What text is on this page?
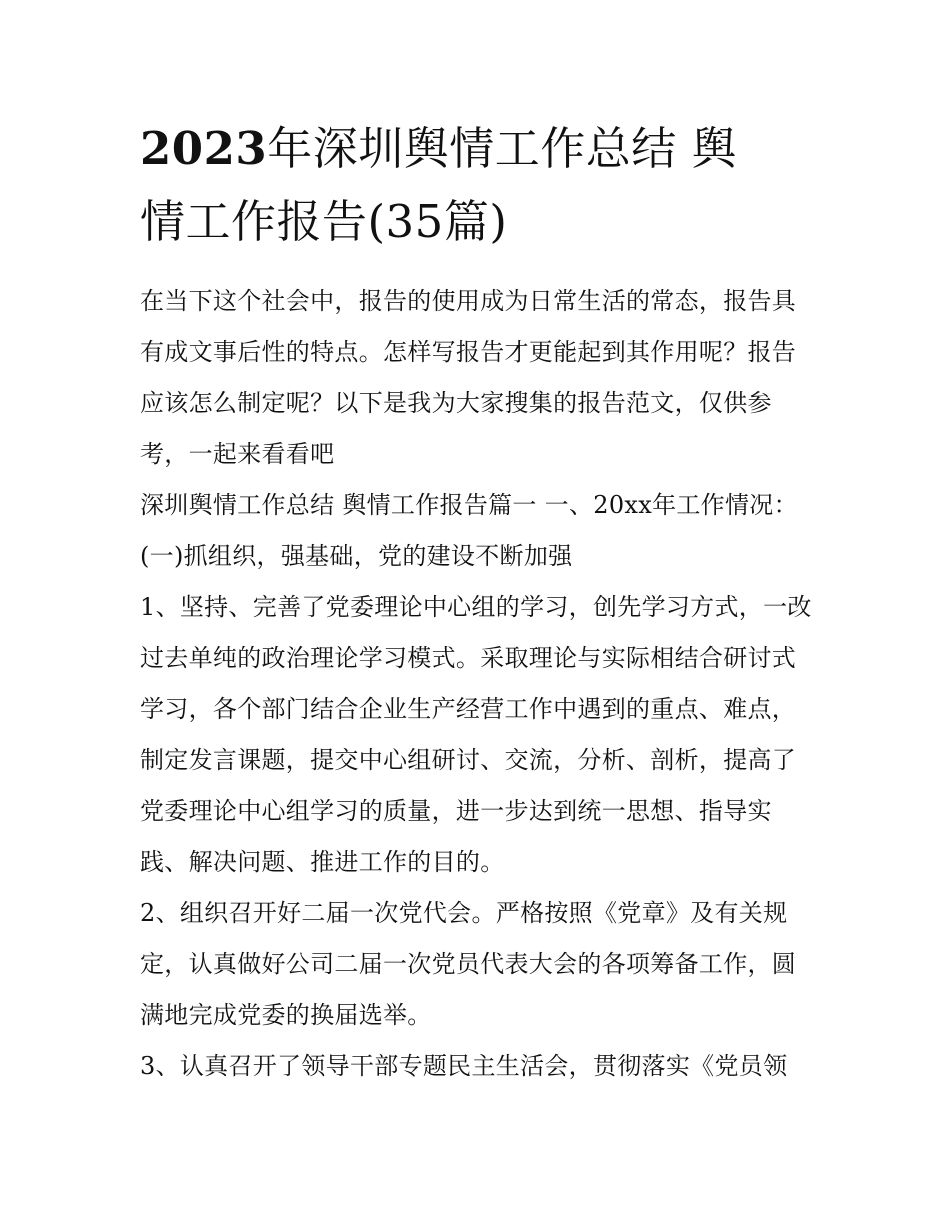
2023年深圳舆情工作总结 舆
情工作报告(35篇)

在当下这个社会中，报告的使用成为日常生活的常态，报告具有成文事后性的特点。怎样写报告才更能起到其作用呢？报告应该怎么制定呢？以下是我为大家搜集的报告范文，仅供参考，一起来看看吧

深圳舆情工作总结 舆情工作报告篇一 一、20xx年工作情况：

(一)抓组织，强基础，党的建设不断加强

1、坚持、完善了党委理论中心组的学习，创先学习方式，一改过去单纯的政治理论学习模式。采取理论与实际相结合研讨式学习，各个部门结合企业生产经营工作中遇到的重点、难点，制定发言课题，提交中心组研讨、交流，分析、剖析，提高了党委理论中心组学习的质量，进一步达到统一思想、指导实践、解决问题、推进工作的目的。

2、组织召开好二届一次党代会。严格按照《党章》及有关规定，认真做好公司二届一次党员代表大会的各项筹备工作，圆满地完成党委的换届选举。

3、认真召开了领导干部专题民主生活会，贯彻落实《党员领
